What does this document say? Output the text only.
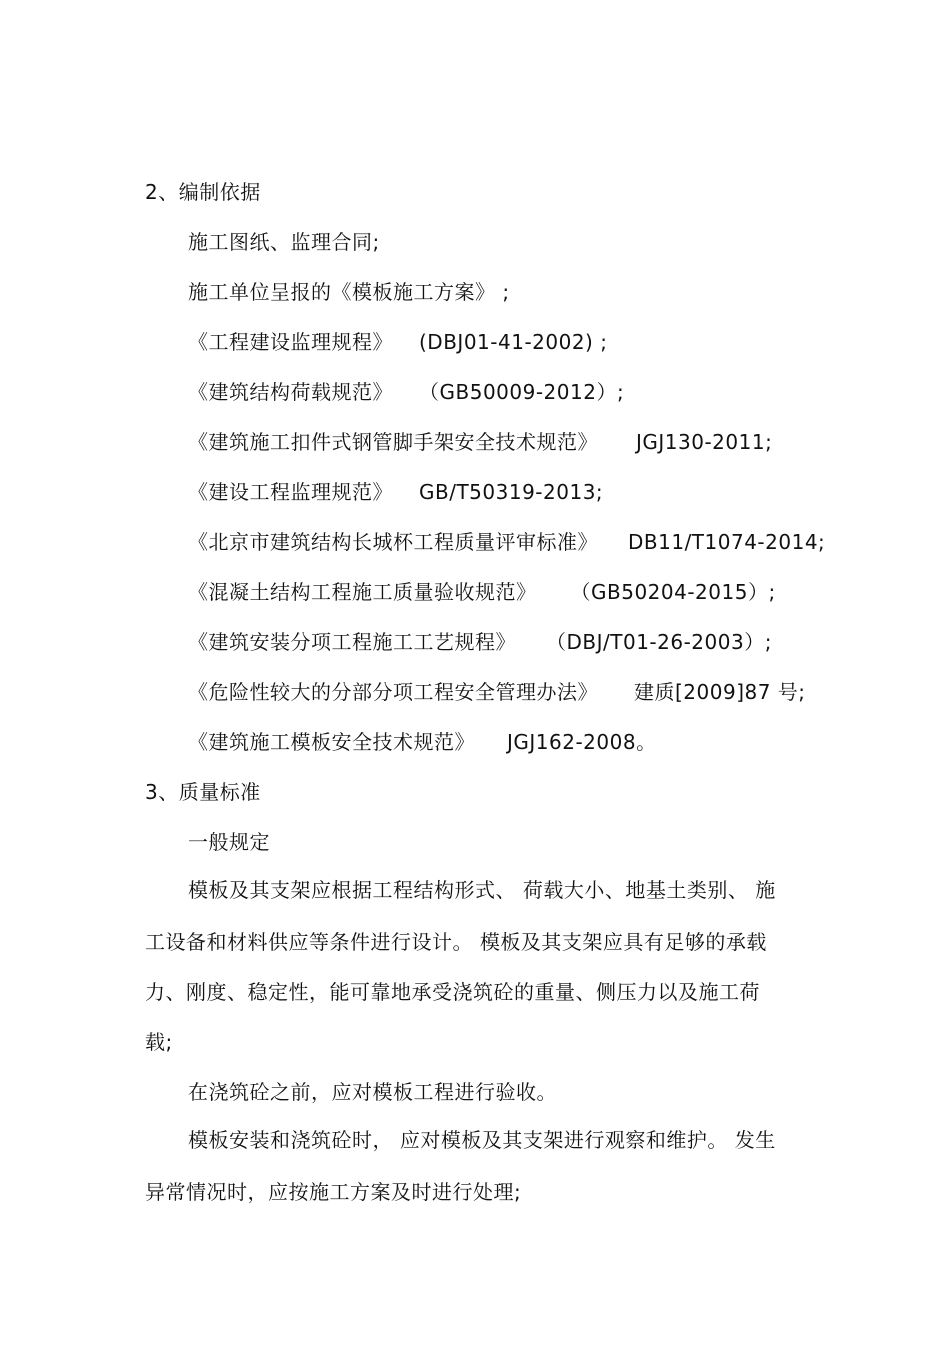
2、编制依据
施工图纸、监理合同;
施工单位呈报的《模板施工方案》 ;
《工程建设监理规程》 (DBJ01-41-2002) ;
《建筑结构荷载规范》 （GB50009-2012）;
《建筑施工扣件式钢管脚手架安全技术规范》 JGJ130-2011;
《建设工程监理规范》 GB/T50319-2013;
《北京市建筑结构长城杯工程质量评审标准》 DB11/T1074-2014;
《混凝土结构工程施工质量验收规范》 （GB50204-2015）;
《建筑安装分项工程施工工艺规程》 （DBJ/T01-26-2003）;
《危险性较大的分部分项工程安全管理办法》 建质[2009]87 号;
《建筑施工模板安全技术规范》 JGJ162-2008。
3、质量标准
一般规定
模板及其支架应根据工程结构形式、 荷载大小、地基土类别、 施
工设备和材料供应等条件进行设计。 模板及其支架应具有足够的承载
力、刚度、稳定性，能可靠地承受浇筑砼的重量、侧压力以及施工荷
载;
在浇筑砼之前，应对模板工程进行验收。
模板安装和浇筑砼时， 应对模板及其支架进行观察和维护。 发生
异常情况时，应按施工方案及时进行处理;
